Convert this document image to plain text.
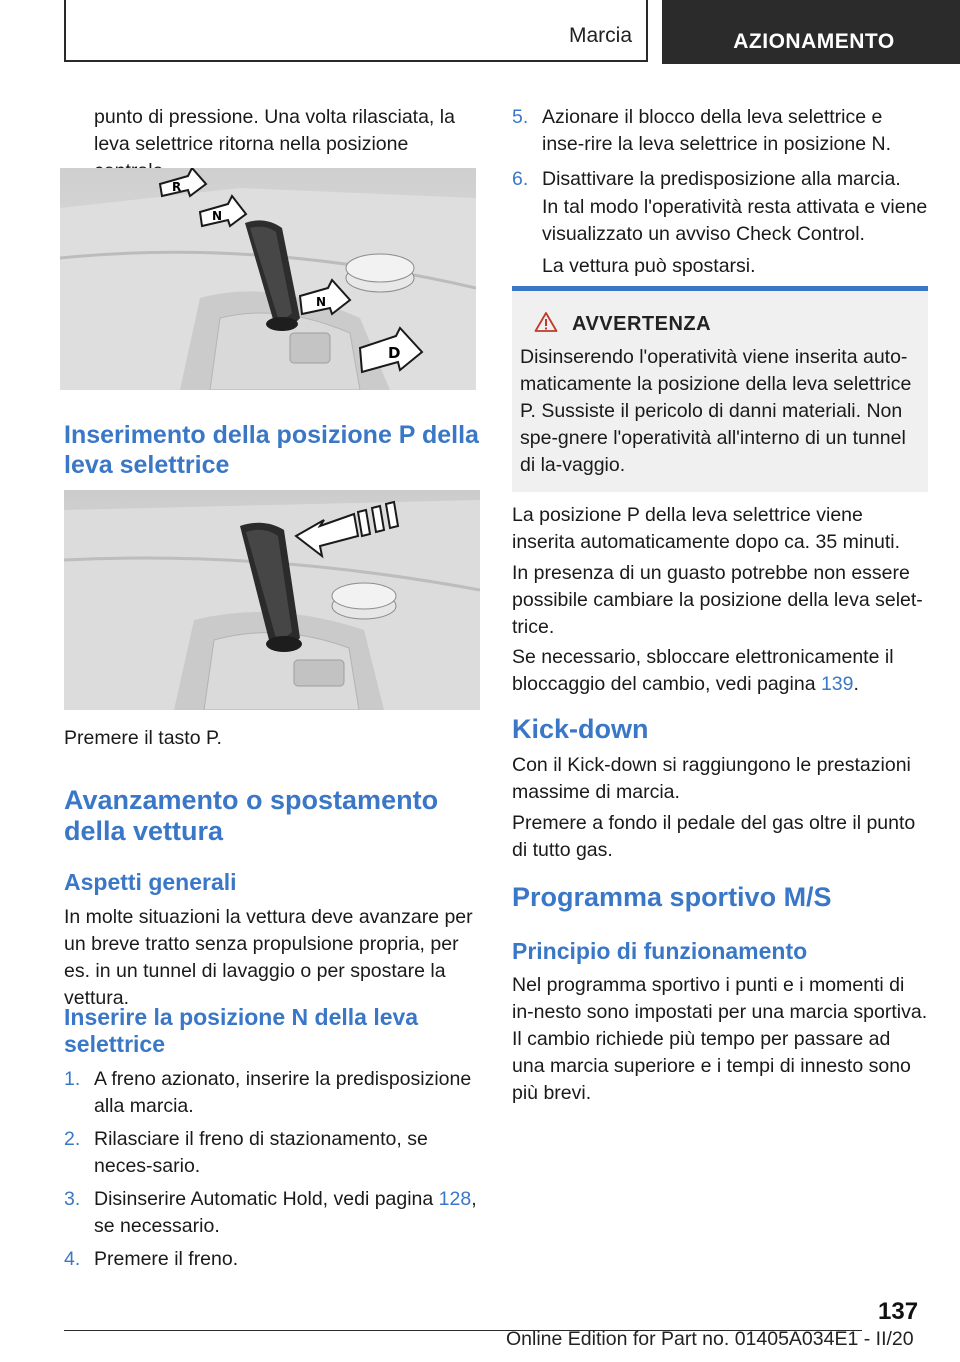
Marcia	AZIONAMENTO

punto di pressione. Una volta rilasciata, la leva selettrice ritorna nella posizione

R
N
N
D
Inserimento della posizione P della leva selettrice

Premere il tasto P.

Avanzamento o spostamento della vettura
Aspetti generali

In molte situazioni la vettura deve avanzare per un breve tratto senza propulsione propria, per es. in un tunnel di lavaggio o per spostare la vettura.

Inserire la posizione N della leva selettrice
1. A freno azionato, inserire la predisposizione alla marcia.
2. Rilasciare il freno di stazionamento, se neces‐sario.
3. Disinserire Automatic Hold, vedi pagina 128, se necessario.
4. Premere il freno.
5. Azionare il blocco della leva selettrice e inse‐rire la leva selettrice in posizione N.
6. Disattivare la predisposizione alla marcia.

In tal modo l'operatività resta attivata e viene visualizzato un avviso Check Control.

La vettura può spostarsi.

AVVERTENZA

Disinserendo l'operatività viene inserita auto‐maticamente la posizione della leva selettrice P. Sussiste il pericolo di danni materiali. Non spe‐gnere l'operatività all'interno di un tunnel di la‐vaggio.

La posizione P della leva selettrice viene inserita automaticamente dopo ca. 35 minuti.

In presenza di un guasto potrebbe non essere possibile cambiare la posizione della leva selet‐trice.

Se necessario, sbloccare elettronicamente il bloccaggio del cambio, vedi pagina 139.

Kick-down

Con il Kick-down si raggiungono le prestazioni massime di marcia.

Premere a fondo il pedale del gas oltre il punto di tutto gas.

Programma sportivo M/S
Principio di funzionamento

Nel programma sportivo i punti e i momenti di in‐nesto sono impostati per una marcia sportiva. Il cambio richiede più tempo per passare ad una marcia superiore e i tempi di innesto sono più brevi.

137
Online Edition for Part no. 01405A034E1 - II/20
